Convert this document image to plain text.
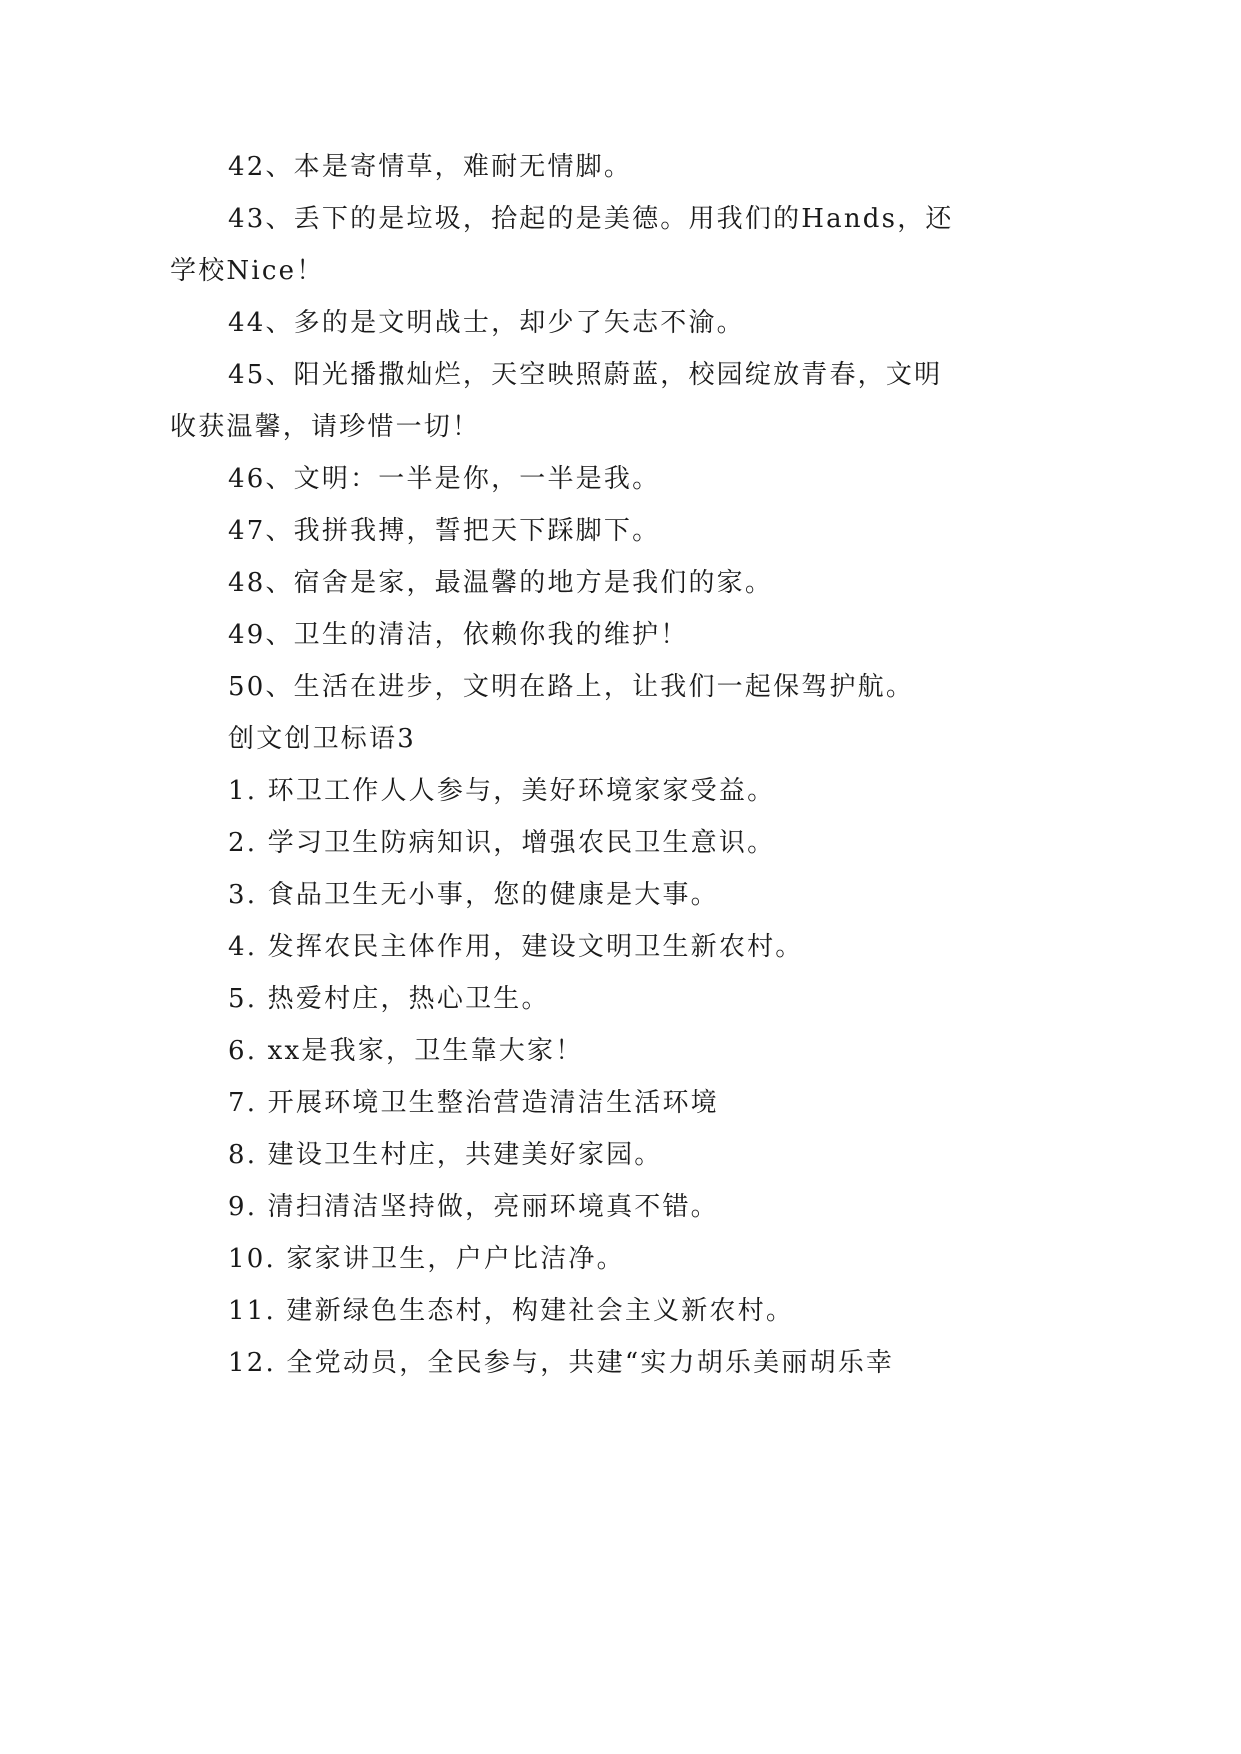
42、本是寄情草，难耐无情脚。

43、丢下的是垃圾，拾起的是美德。用我们的Hands，还学校Nice！

44、多的是文明战士，却少了矢志不渝。

45、阳光播撒灿烂，天空映照蔚蓝，校园绽放青春，文明收获温馨，请珍惜一切！

46、文明：一半是你，一半是我。

47、我拼我搏，誓把天下踩脚下。

48、宿舍是家，最温馨的地方是我们的家。

49、卫生的清洁，依赖你我的维护！

50、生活在进步，文明在路上，让我们一起保驾护航。

创文创卫标语3

1. 环卫工作人人参与，美好环境家家受益。

2. 学习卫生防病知识，增强农民卫生意识。

3. 食品卫生无小事，您的健康是大事。

4. 发挥农民主体作用，建设文明卫生新农村。

5. 热爱村庄，热心卫生。

6. xx是我家，卫生靠大家！

7. 开展环境卫生整治营造清洁生活环境

8. 建设卫生村庄，共建美好家园。

9. 清扫清洁坚持做，亮丽环境真不错。

10. 家家讲卫生，户户比洁净。

11. 建新绿色生态村，构建社会主义新农村。

12. 全党动员，全民参与，共建“实力胡乐美丽胡乐幸
